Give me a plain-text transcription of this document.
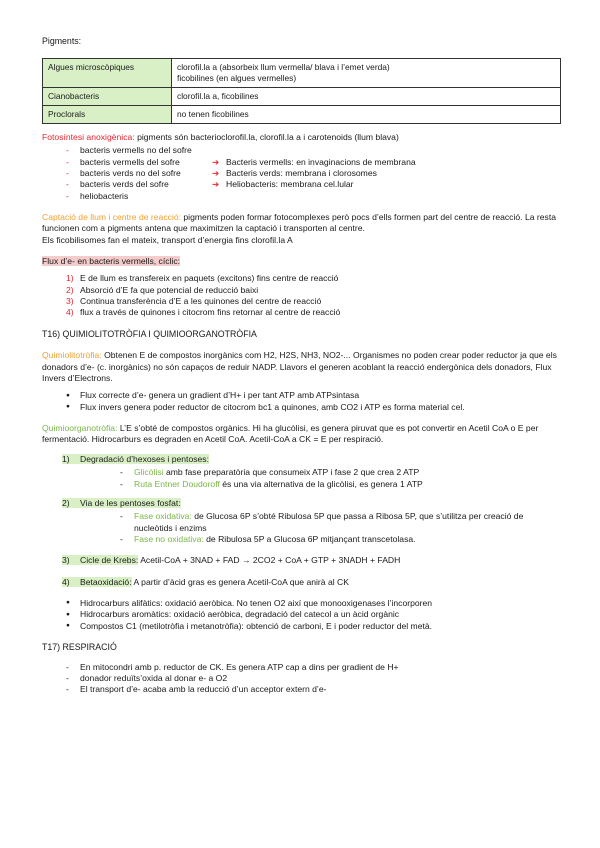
Pigments:

Algues microscòpiques	clorofil.la a (absorbeix llum vermella/ blava i l’emet verda)
ficobilines (en algues vermelles)

Cianobacteris	clorofil.la a, ficobilines
Proclorals	no tenen ficobilines

Fotosíntesi anoxigènica: pigments són bacterioclorofil.la, clorofil.la a i carotenoids (llum blava)

- bacteris vermells no del sofre
- bacteris vermells del sofre	➔ Bacteris vermells: en invaginacions de membrana
- bacteris verds no del sofre	➔ Bacteris verds: membrana i clorosomes
- bacteris verds del sofre	➔ Heliobacteris: membrana cel.lular
- heliobacteris

Captació de llum i centre de reacció: pigments poden formar fotocomplexes però pocs d’ells formen part del centre de reacció. La resta funcionen com a pigments antena que maximitzen la captació i transporten al centre.

Els ficobilisomes fan el mateix, transport d’energia fins clorofil.la A

Flux d’e- en bacteris vermells, cíclic:

1) E de llum es transfereix en paquets (excitons) fins centre de reacció
2) Absorció d’E fa que potencial de reducció baixi
3) Continua transferència d’E a les quinones del centre de reacció
4) flux a través de quinones i citocrom fins retornar al centre de reacció

T16) QUIMIOLITOTRÒFIA I QUIMIOORGANOTRÒFIA

Quimiolitotròfia: Obtenen E de compostos inorgànics com H2, H2S, NH3, NO2-... Organismes no poden crear poder reductor ja que els donadors d’e- (c. inorgànics) no són capaços de reduir NADP. Llavors el generen acoblant la reacció endergònica dels donadors, Flux Invers d’Electrons.

● Flux correcte d’e- genera un gradient d’H+ i per tant ATP amb ATPsintasa
● Flux invers genera poder reductor de citocrom bc1 a quinones, amb CO2 i ATP es forma material cel.

Quimioorganotròfia: L’E s’obté de compostos orgànics. Hi ha glucòlisi, es genera piruvat que es pot convertir en Acetil CoA o E per fermentació. Hidrocarburs es degraden en Acetil CoA. Acetil-CoA a CK = E per respiració.

1) Degradació d’hexoses i pentoses:
- Glicòlisi amb fase preparatòria que consumeix ATP i fase 2 que crea 2 ATP
- Ruta Entner Doudoroff és una via alternativa de la glicòlisi, es genera 1 ATP
2) Via de les pentoses fosfat:
- Fase oxidativa: de Glucosa 6P s’obté Ribulosa 5P que passa a Ribosa 5P, que s’utilitza per creació de nucleòtids i enzims
- Fase no oxidativa: de Ribulosa 5P a Glucosa 6P mitjançant transcetolasa.
3) Cicle de Krebs: Acetil-CoA + 3NAD + FAD → 2CO2 + CoA + GTP + 3NADH + FADH
4) Betaoxidació: A partir d’àcid gras es genera Acetil-CoA que anirà al CK
● Hidrocarburs alifàtics: oxidació aeròbica. No tenen O2 així que monooxigenases l’incorporen
● Hidrocarburs aromàtics: oxidació aeròbica, degradació del catecol a un àcid orgànic
● Compostos C1 (metilotròfia i metanotròfia): obtenció de carboni, E i poder reductor del metà.

T17) RESPIRACIÓ

- En mitocondri amb p. reductor de CK. Es genera ATP cap a dins per gradient de H+
- donador reduïts’oxida al donar e- a O2
- El transport d’e- acaba amb la reducció d’un acceptor extern d’e-
